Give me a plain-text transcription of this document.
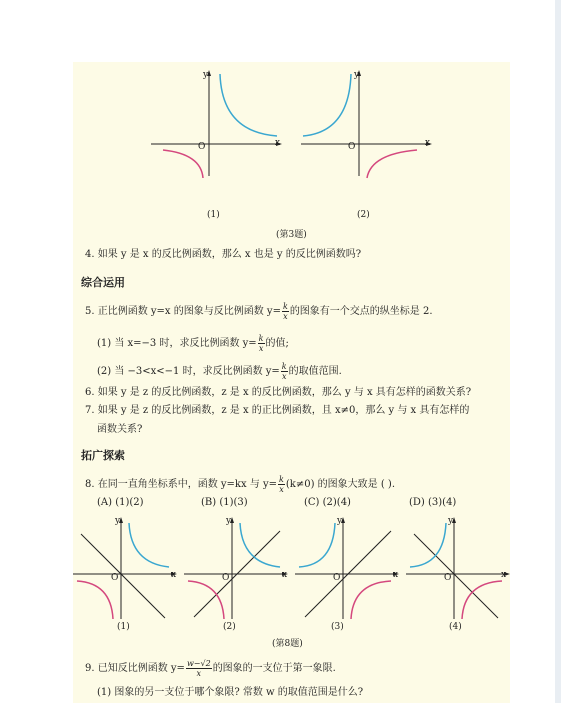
y
x
O
(1)
y
x
O
(2)
(第3题)
4. 如果 y 是 x 的反比例函数，那么 x 也是 y 的反比例函数吗?
综合运用
5. 正比例函数 y=x 的图象与反比例函数 $y= \frac{k}{x}$ 的图象有一个交点的纵坐标是 2.
(1) 当 x=−3 时，求反比例函数 $y= \frac{k}{x}$ 的值;
(2) 当 −3<x<−1 时，求反比例函数 $y= \frac{k}{x}$ 的取值范围.
6. 如果 y 是 z 的反比例函数，z 是 x 的反比例函数，那么 y 与 x 具有怎样的函数关系?
7. 如果 y 是 z 的反比例函数，z 是 x 的正比例函数，且 x≠0，那么 y 与 x 具有怎样的
函数关系?
拓广探索
8. 在同一直角坐标系中，函数 y=kx 与 $y= \frac{k}{x} (k\ne 0)$ 的图象大致是 ( ).
(A) (1)(2)	(B) (1)(3)	(C) (2)(4)	(D) (3)(4)
y
x
O
y
x
O
y
x
O
y
x
O
(1)	(2)	(3)	(4)
(第8题)
9. 已知反比例函数 $y= \frac{w-√2}{x}$ 的图象的一支位于第一象限.
(1) 图象的另一支位于哪个象限? 常数 w 的取值范围是什么?
